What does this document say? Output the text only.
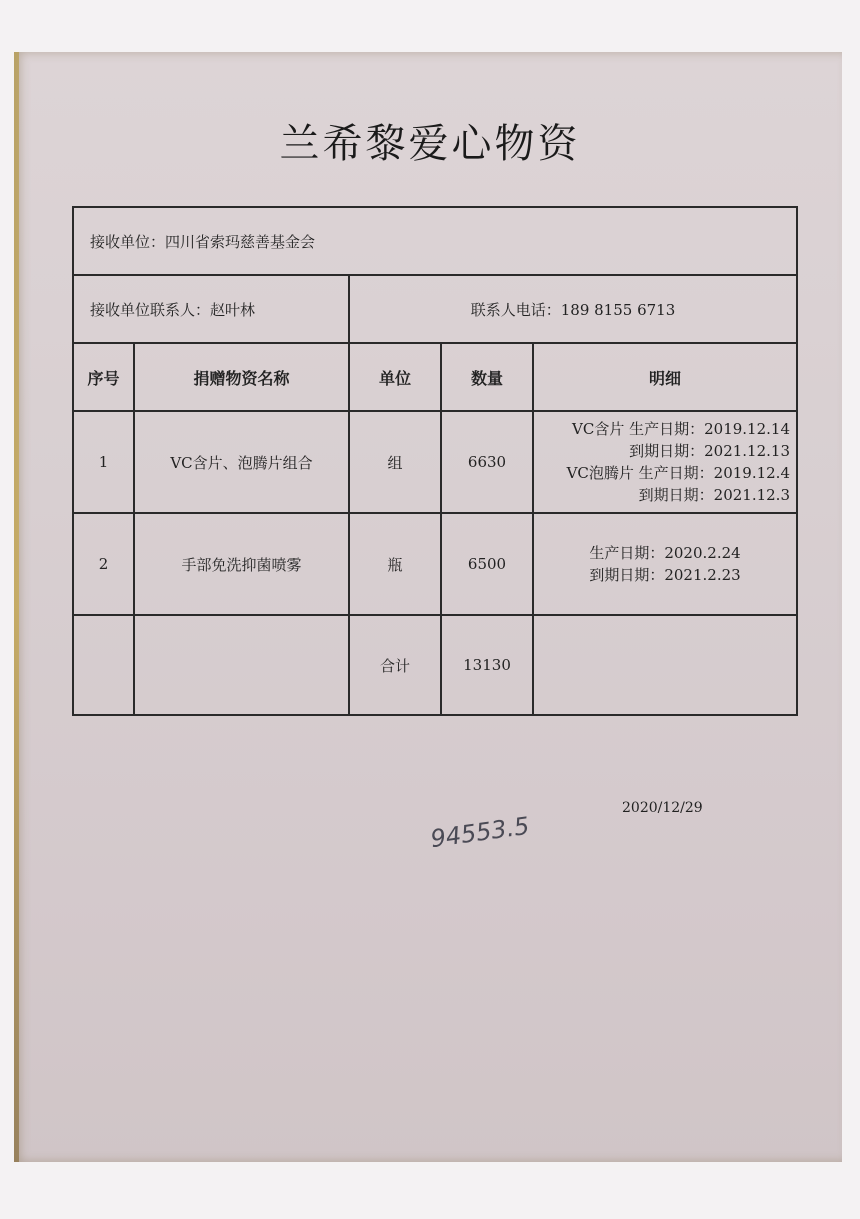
兰希黎爱心物资
接收单位：四川省索玛慈善基金会				
接收单位联系人：赵叶林		联系人电话：189 8155 6713		
序号	捐赠物资名称	单位	数量	明细
1	VC含片、泡腾片组合	组	6630	VC含片 生产日期：2019.12.14
到期日期：2021.12.13
VC泡腾片 生产日期：2019.12.4
到期日期：2021.12.3

2	手部免洗抑菌喷雾	瓶	6500	生产日期：2020.2.24
到期日期：2021.2.23

		合计	13130	
2020/12/29
94553.5
